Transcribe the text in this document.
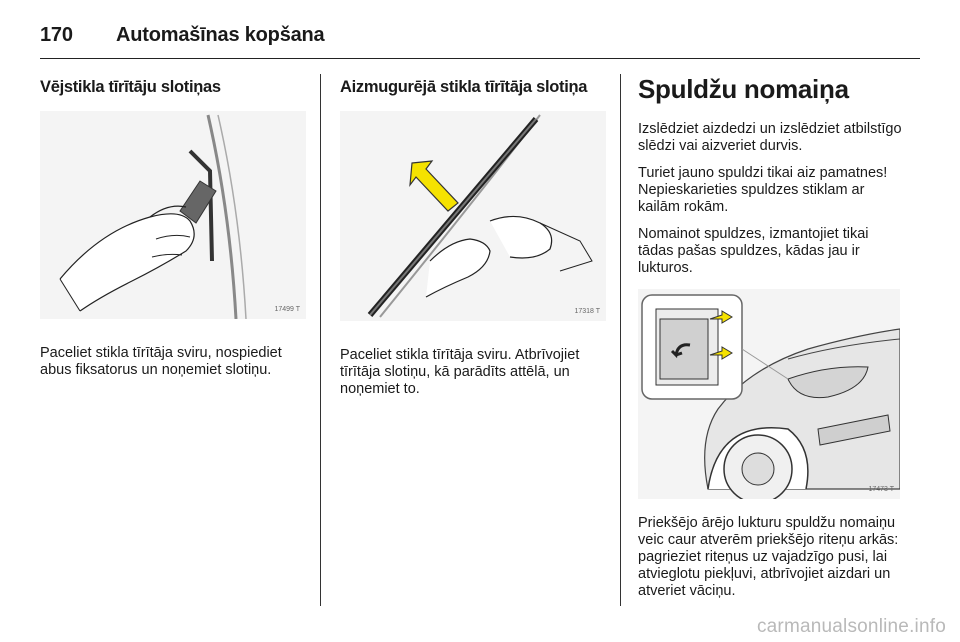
170 Automašīnas kopšana
Vējstikla tīrītāju slotiņas
17499 T

Paceliet stikla tīrītāja sviru, nospiediet abus fiksatorus un noņemiet slotiņu.

Aizmugurējā stikla tīrītāja slotiņa
17318 T

Paceliet stikla tīrītāja sviru. Atbrīvojiet tīrītāja slotiņu, kā parādīts attēlā, un noņemiet to.

Spuldžu nomaiņa

Izslēdziet aizdedzi un izslēdziet atbilstīgo slēdzi vai aizveriet durvis.

Turiet jauno spuldzi tikai aiz pamatnes! Nepieskarieties spuldzes stiklam ar kailām rokām.

Nomainot spuldzes, izmantojiet tikai tādas pašas spuldzes, kādas jau ir lukturos.

17473 T

Priekšējo ārējo lukturu spuldžu nomaiņu veic caur atverēm priekšējo riteņu arkās: pagrieziet riteņus uz vajadzīgo pusi, lai atvieglotu piekļuvi, atbrīvojiet aizdari un atveriet vāciņu.

carmanualsonline.info
